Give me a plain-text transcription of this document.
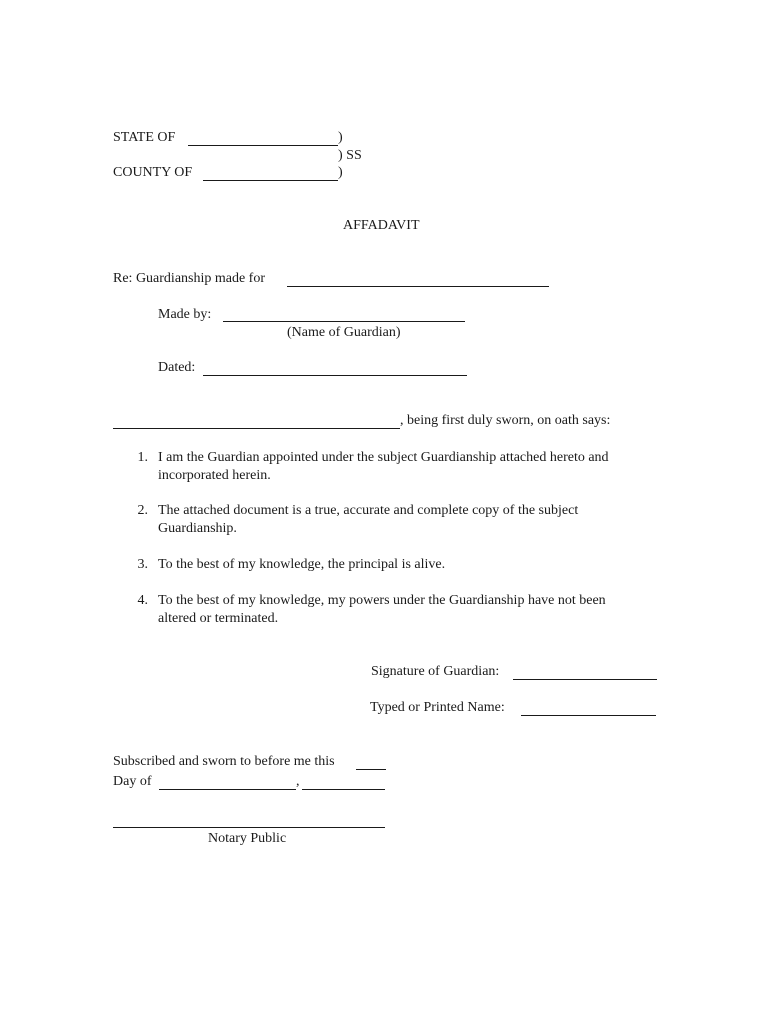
STATE OF	)
) SS
COUNTY OF	)
AFFADAVIT
Re: Guardianship made for
Made by:
(Name of Guardian)
Dated:
, being first duly sworn, on oath says:
1. I am the Guardian appointed under the subject Guardianship attached hereto and
incorporated herein.
2. The attached document is a true, accurate and complete copy of the subject
Guardianship.
3. To the best of my knowledge, the principal is alive.
4. To the best of my knowledge, my powers under the Guardianship have not been
altered or terminated.
Signature of Guardian:
Typed or Printed Name:
Subscribed and sworn to before me this
Day of	,
Notary Public
